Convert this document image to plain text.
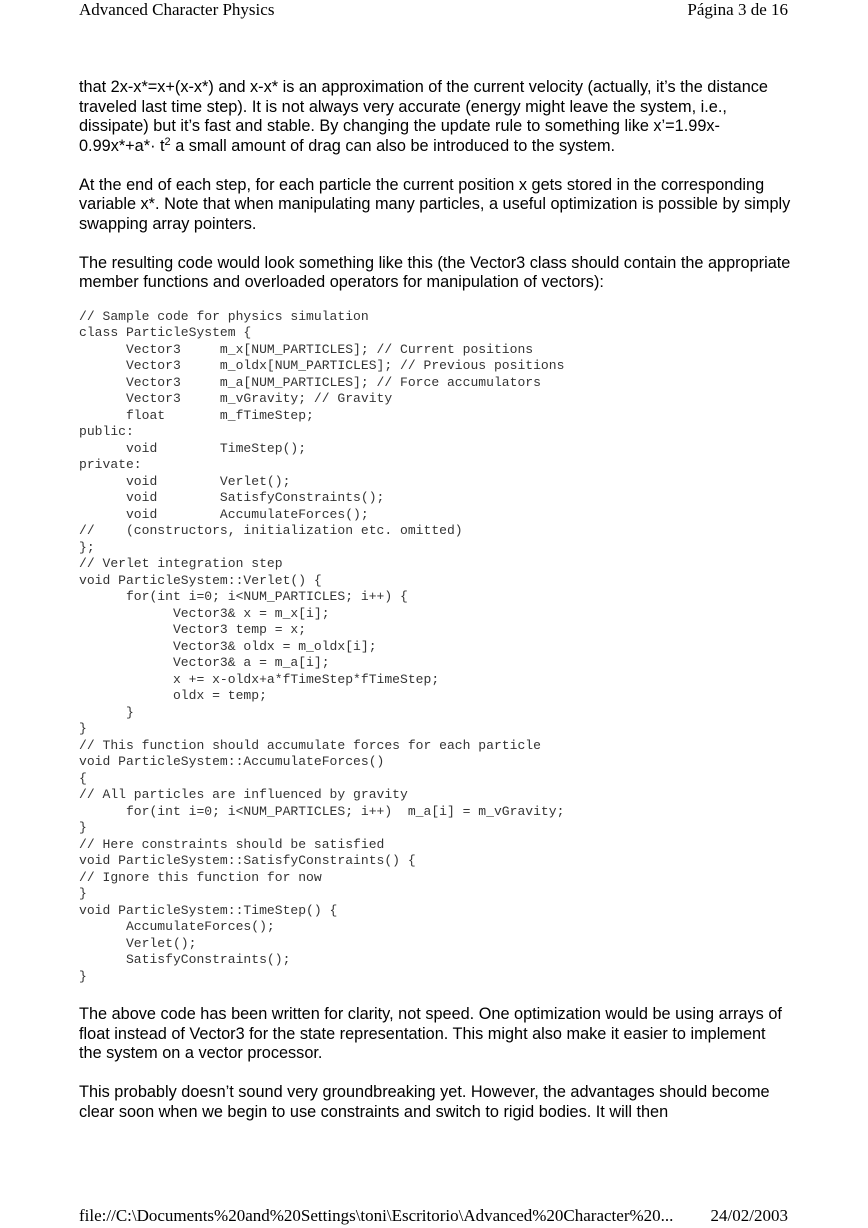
Advanced Character Physics	Página 3 de 16

that 2x-x*=x+(x-x*) and x-x* is an approximation of the current velocity (actually, it’s the distance traveled last time step). It is not always very accurate (energy might leave the system, i.e., dissipate) but it’s fast and stable. By changing the update rule to something like x’=1.99x-0.99x*+a*· $t^2$ a small amount of drag can also be introduced to the system.

At the end of each step, for each particle the current position x gets stored in the corresponding variable x*. Note that when manipulating many particles, a useful optimization is possible by simply swapping array pointers.

The resulting code would look something like this (the Vector3 class should contain the appropriate member functions and overloaded operators for manipulation of vectors):

// Sample code for physics simulation
class ParticleSystem {
Vector3     m_x[NUM_PARTICLES]; // Current positions
Vector3     m_oldx[NUM_PARTICLES]; // Previous positions
Vector3     m_a[NUM_PARTICLES]; // Force accumulators
Vector3     m_vGravity; // Gravity
float       m_fTimeStep;
public:
void        TimeStep();
private:
void        Verlet();
void        SatisfyConstraints();
void        AccumulateForces();
//    (constructors, initialization etc. omitted)
};
// Verlet integration step
void ParticleSystem::Verlet() {
for(int i=0; i<NUM_PARTICLES; i++) {
Vector3& x = m_x[i];
Vector3 temp = x;
Vector3& oldx = m_oldx[i];
Vector3& a = m_a[i];
x += x-oldx+a*fTimeStep*fTimeStep;
oldx = temp;
}
}
// This function should accumulate forces for each particle
void ParticleSystem::AccumulateForces()
{
// All particles are influenced by gravity
for(int i=0; i<NUM_PARTICLES; i++)  m_a[i] = m_vGravity;
}
// Here constraints should be satisfied
void ParticleSystem::SatisfyConstraints() {
// Ignore this function for now
}
void ParticleSystem::TimeStep() {
AccumulateForces();
Verlet();
SatisfyConstraints();
}

The above code has been written for clarity, not speed. One optimization would be using arrays of float instead of Vector3 for the state representation. This might also make it easier to implement the system on a vector processor.

This probably doesn’t sound very groundbreaking yet. However, the advantages should become clear soon when we begin to use constraints and switch to rigid bodies. It will then

file://C:\Documents%20and%20Settings\toni\Escritorio\Advanced%20Character%20... 24/02/2003
